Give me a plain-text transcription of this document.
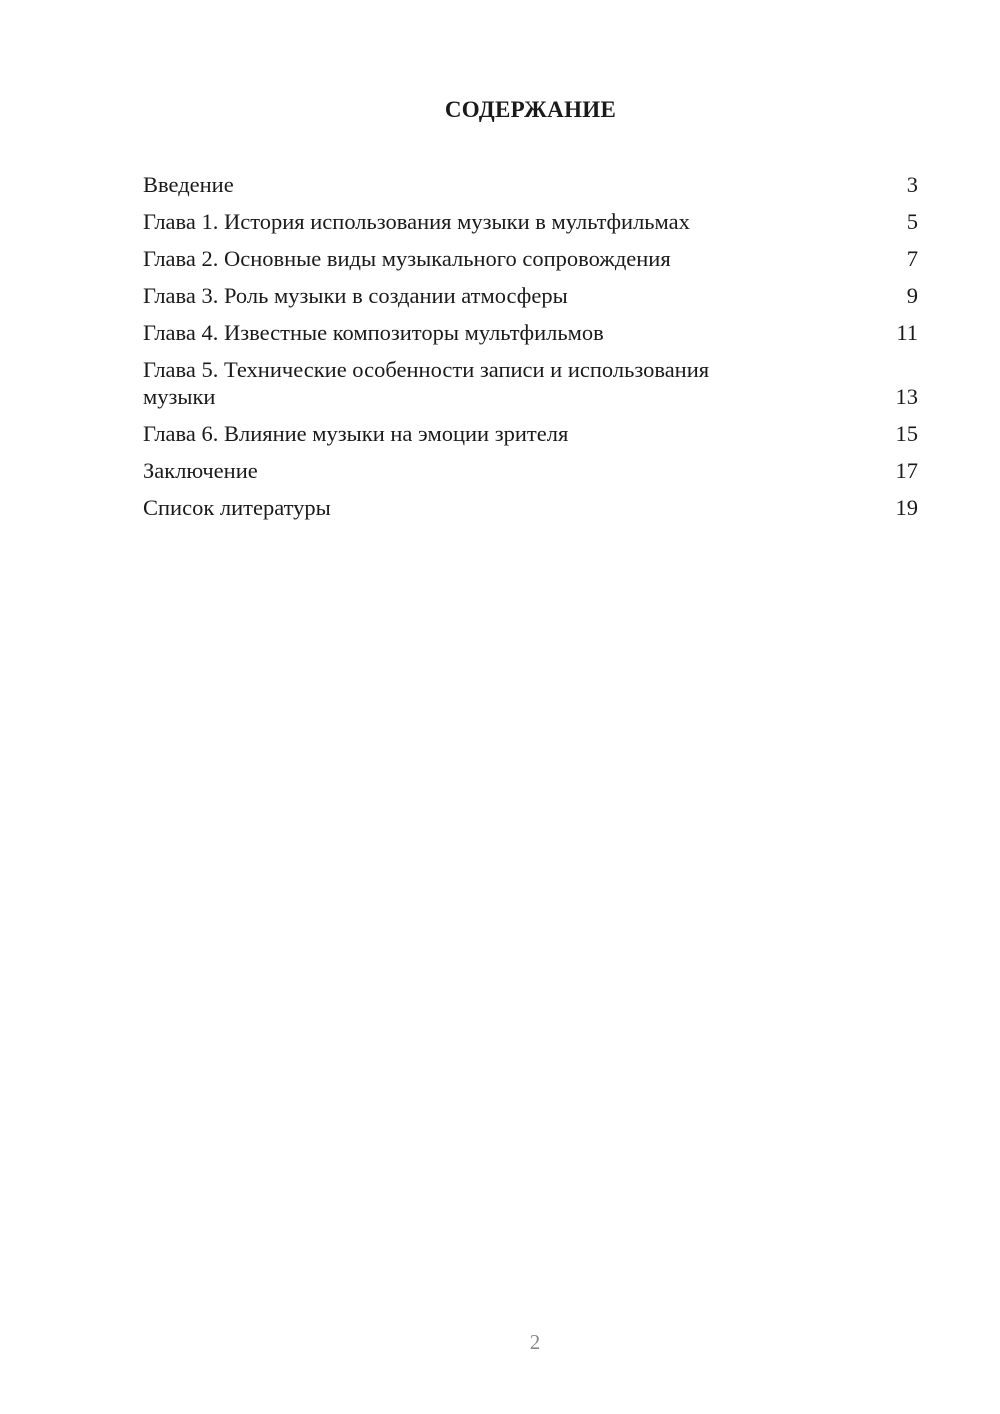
СОДЕРЖАНИЕ
Введение	3
Глава 1. История использования музыки в мультфильмах	5
Глава 2. Основные виды музыкального сопровождения	7
Глава 3. Роль музыки в создании атмосферы	9
Глава 4. Известные композиторы мультфильмов	11
Глава 5. Технические особенности записи и использования музыки	13
Глава 6. Влияние музыки на эмоции зрителя	15
Заключение	17
Список литературы	19
2
